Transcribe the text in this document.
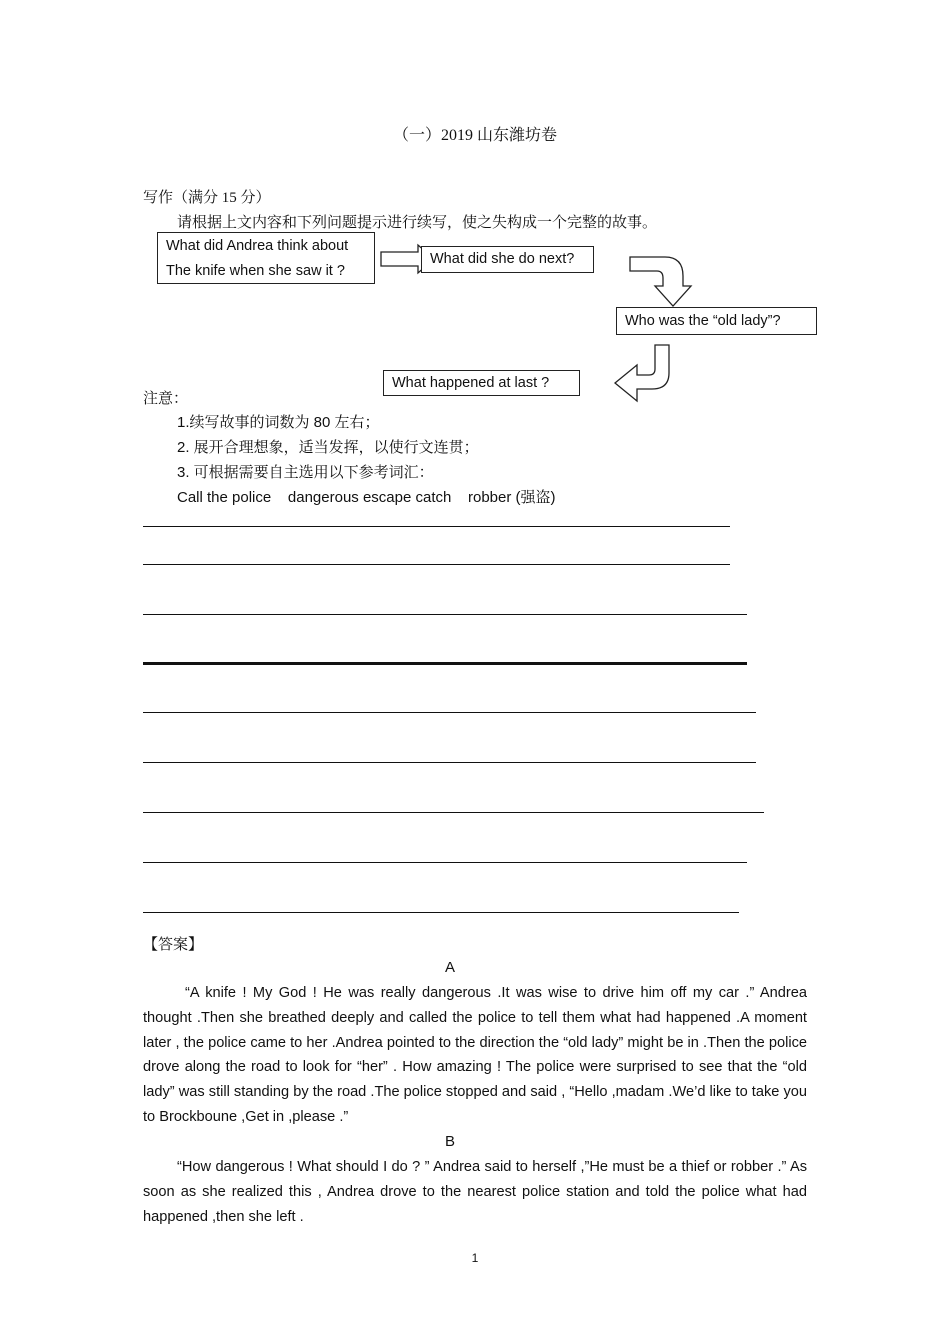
（一）2019 山东潍坊卷
写作（满分 15 分）
请根据上文内容和下列问题提示进行续写，使之失构成一个完整的故事。
What did Andrea think about
The knife when she saw it ?
What did she do next?
Who was the “old lady”?
What happened at last ?
注意：
1.续写故事的词数为 80 左右；
2. 展开合理想象，适当发挥，以使行文连贯；
3. 可根据需要自主选用以下参考词汇：
Call the police    dangerous escape catch    robber (强盗)
【答案】
A
“A knife ! My God ! He was really dangerous .It was wise to drive him off my car .” Andrea thought .Then she breathed deeply and called the police to tell them what had happened .A moment later , the police came to her .Andrea pointed to the direction the “old lady” might be in .Then the police drove along the road to look for “her” . How amazing ! The police were surprised to see that the “old lady” was still standing by the road .The police stopped and said , “Hello ,madam .We’d like to take you to Brockboune ,Get in ,please .”
B
“How dangerous ! What should I do ? ” Andrea said to herself ,”He must be a thief or robber .” As soon as she realized this , Andrea drove to the nearest police station and told the police what had happened ,then she left .
1
